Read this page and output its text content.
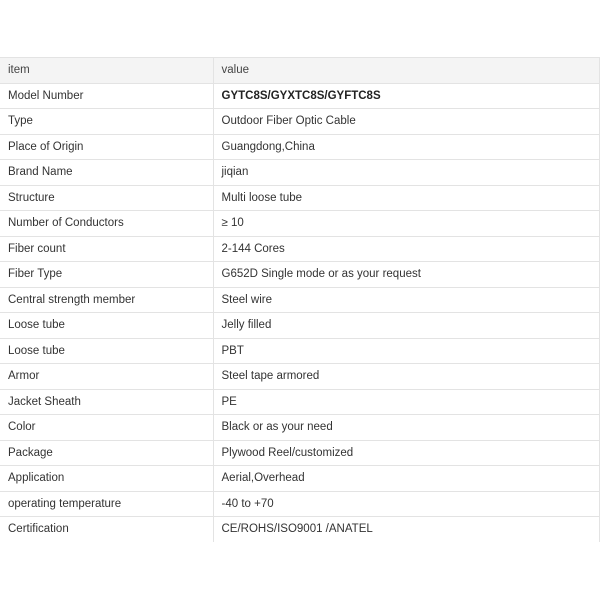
item	value
Model Number	GYTC8S/GYXTC8S/GYFTC8S
Type	Outdoor Fiber Optic Cable
Place of Origin	Guangdong,China
Brand Name	jiqian
Structure	Multi loose tube
Number of Conductors	≥ 10
Fiber count	2-144 Cores
Fiber Type	G652D Single mode or as your request
Central strength member	Steel wire
Loose tube	Jelly filled
Loose tube	PBT
Armor	Steel tape armored
Jacket Sheath	PE
Color	Black or as your need
Package	Plywood Reel/customized
Application	Aerial,Overhead
operating temperature	-40 to +70
Certification	CE/ROHS/ISO9001 /ANATEL
